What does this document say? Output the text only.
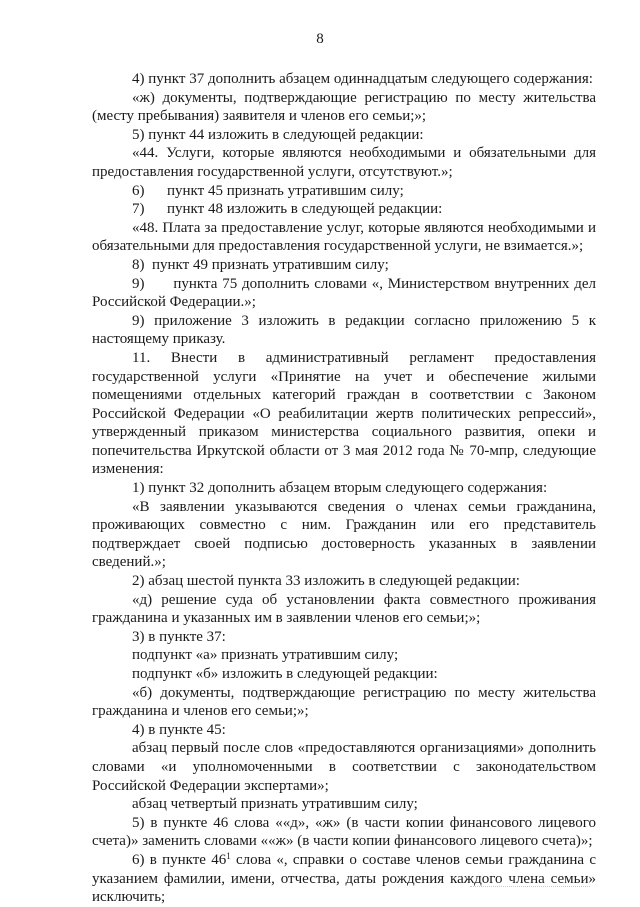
8

4) пункт 37 дополнить абзацем одиннадцатым следующего содержания:

«ж) документы, подтверждающие регистрацию по месту жительства (месту пребывания) заявителя и членов его семьи;»;

5) пункт 44 изложить в следующей редакции:

«44. Услуги, которые являются необходимыми и обязательными для предоставления государственной услуги, отсутствуют.»;

6)      пункт 45 признать утратившим силу;

7)      пункт 48 изложить в следующей редакции:

«48. Плата за предоставление услуг, которые являются необходимыми и обязательными для предоставления государственной услуги, не взимается.»;

8)  пункт 49 признать утратившим силу;

9)      пункта 75 дополнить словами «, Министерством внутренних дел Российской Федерации.»;

9) приложение 3 изложить в редакции согласно приложению 5 к настоящему приказу.

11.     Внести     в     административный     регламент     предоставления государственной услуги «Принятие на учет и обеспечение жилыми помещениями отдельных категорий граждан в соответствии с Законом Российской Федерации «О реабилитации жертв политических репрессий», утвержденный приказом министерства социального развития, опеки и попечительства Иркутской области от 3 мая 2012 года № 70-мпр, следующие изменения:

1) пункт 32 дополнить абзацем вторым следующего содержания:

«В заявлении указываются сведения о членах семьи гражданина, проживающих совместно с ним. Гражданин или его представитель подтверждает своей подписью достоверность указанных в заявлении сведений.»;

2) абзац шестой пункта 33 изложить в следующей редакции:

«д) решение суда об установлении факта совместного проживания гражданина и указанных им в заявлении членов его семьи;»;

3) в пункте 37:

подпункт «а» признать утратившим силу;

подпункт «б» изложить в следующей редакции:

«б) документы, подтверждающие регистрацию по месту жительства гражданина и членов его семьи;»;

4) в пункте 45:

абзац первый после слов «предоставляются организациями» дополнить словами «и уполномоченными в соответствии с законодательством Российской Федерации экспертами»;

абзац четвертый признать утратившим силу;

5) в пункте 46 слова ««д», «ж» (в части копии финансового лицевого счета)» заменить словами ««ж» (в части копии финансового лицевого счета)»;

6) в пункте $46^1$ слова «, справки о составе членов семьи гражданина с указанием фамилии, имени, отчества, даты рождения каждого члена семьи» исключить;
